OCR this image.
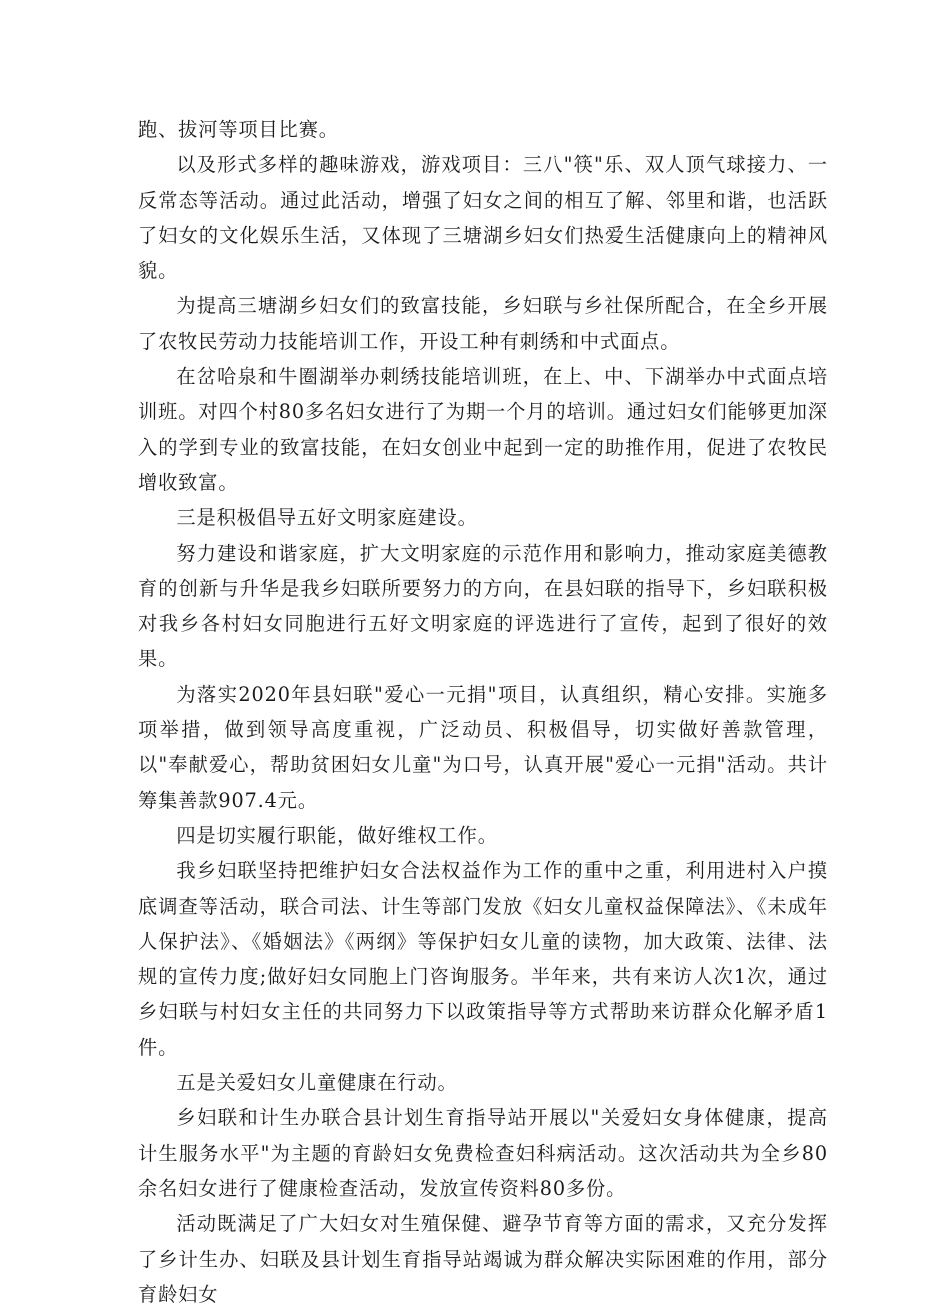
跑、拔河等项目比赛。

以及形式多样的趣味游戏，游戏项目：三八"筷"乐、双人顶气球接力、一反常态等活动。通过此活动，增强了妇女之间的相互了解、邻里和谐，也活跃了妇女的文化娱乐生活，又体现了三塘湖乡妇女们热爱生活健康向上的精神风貌。

为提高三塘湖乡妇女们的致富技能，乡妇联与乡社保所配合，在全乡开展了农牧民劳动力技能培训工作，开设工种有刺绣和中式面点。

在岔哈泉和牛圈湖举办刺绣技能培训班，在上、中、下湖举办中式面点培训班。对四个村80多名妇女进行了为期一个月的培训。通过妇女们能够更加深入的学到专业的致富技能，在妇女创业中起到一定的助推作用，促进了农牧民增收致富。

三是积极倡导五好文明家庭建设。

努力建设和谐家庭，扩大文明家庭的示范作用和影响力，推动家庭美德教育的创新与升华是我乡妇联所要努力的方向，在县妇联的指导下，乡妇联积极对我乡各村妇女同胞进行五好文明家庭的评选进行了宣传，起到了很好的效果。

为落实2020年县妇联"爱心一元捐"项目，认真组织，精心安排。实施多项举措，做到领导高度重视，广泛动员、积极倡导，切实做好善款管理，以"奉献爱心，帮助贫困妇女儿童"为口号，认真开展"爱心一元捐"活动。共计筹集善款907.4元。

四是切实履行职能，做好维权工作。

我乡妇联坚持把维护妇女合法权益作为工作的重中之重，利用进村入户摸底调查等活动，联合司法、计生等部门发放《妇女儿童权益保障法》、《未成年人保护法》、《婚姻法》《两纲》等保护妇女儿童的读物，加大政策、法律、法规的宣传力度;做好妇女同胞上门咨询服务。半年来，共有来访人次1次，通过乡妇联与村妇女主任的共同努力下以政策指导等方式帮助来访群众化解矛盾1件。

五是关爱妇女儿童健康在行动。

乡妇联和计生办联合县计划生育指导站开展以"关爱妇女身体健康，提高计生服务水平"为主题的育龄妇女免费检查妇科病活动。这次活动共为全乡80余名妇女进行了健康检查活动，发放宣传资料80多份。

活动既满足了广大妇女对生殖保健、避孕节育等方面的需求，又充分发挥了乡计生办、妇联及县计划生育指导站竭诚为群众解决实际困难的作用，部分育龄妇女
